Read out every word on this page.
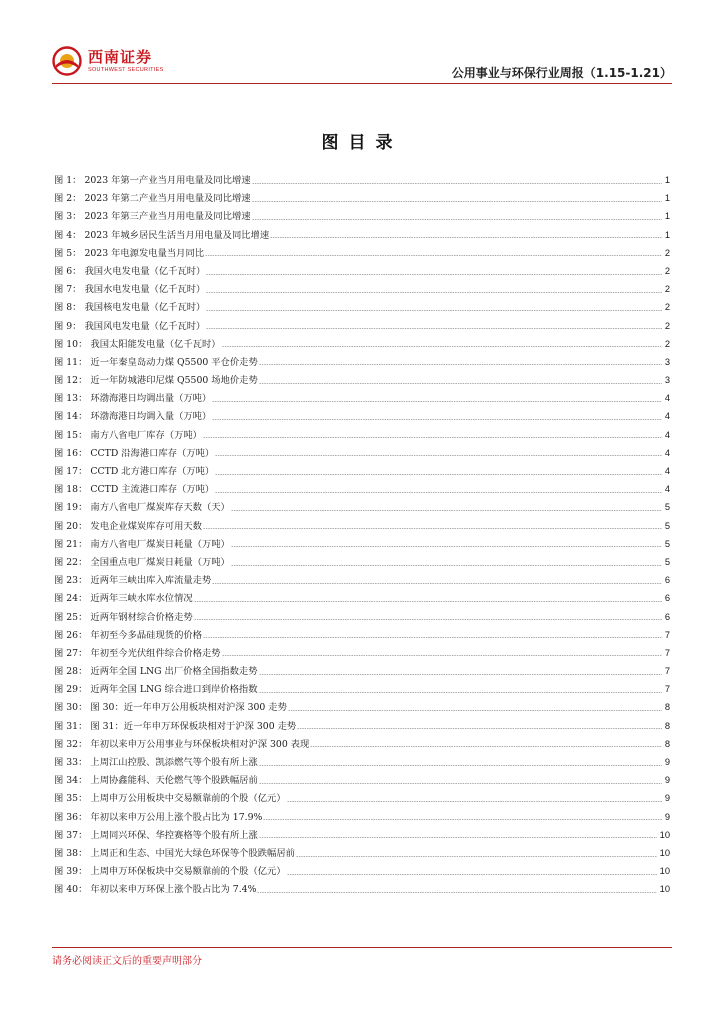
西南证券
SOUTHWEST SECURITIES	公用事业与环保行业周报（1.15-1.21）
图目录
图 1： 2023 年第一产业当月用电量及同比增速	1
图 2： 2023 年第二产业当月用电量及同比增速	1
图 3： 2023 年第三产业当月用电量及同比增速	1
图 4： 2023 年城乡居民生活当月用电量及同比增速	1
图 5： 2023 年电源发电量当月同比	2
图 6： 我国火电发电量（亿千瓦时）	2
图 7： 我国水电发电量（亿千瓦时）	2
图 8： 我国核电发电量（亿千瓦时）	2
图 9： 我国风电发电量（亿千瓦时）	2
图 10： 我国太阳能发电量（亿千瓦时）	2
图 11： 近一年秦皇岛动力煤 Q5500 平仓价走势	3
图 12： 近一年防城港印尼煤 Q5500 场地价走势	3
图 13： 环渤海港日均调出量（万吨）	4
图 14： 环渤海港日均调入量（万吨）	4
图 15： 南方八省电厂库存（万吨）	4
图 16： CCTD 沿海港口库存（万吨）	4
图 17： CCTD 北方港口库存（万吨）	4
图 18： CCTD 主流港口库存（万吨）	4
图 19： 南方八省电厂煤炭库存天数（天）	5
图 20： 发电企业煤炭库存可用天数	5
图 21： 南方八省电厂煤炭日耗量（万吨）	5
图 22： 全国重点电厂煤炭日耗量（万吨）	5
图 23： 近两年三峡出库入库流量走势	6
图 24： 近两年三峡水库水位情况	6
图 25： 近两年钢材综合价格走势	6
图 26： 年初至今多晶硅现货的价格	7
图 27： 年初至今光伏组件综合价格走势	7
图 28： 近两年全国 LNG 出厂价格全国指数走势	7
图 29： 近两年全国 LNG 综合进口到岸价格指数	7
图 30： 图 30：近一年申万公用板块相对沪深 300 走势	8
图 31： 图 31：近一年申万环保板块相对于沪深 300 走势	8
图 32： 年初以来申万公用事业与环保板块相对沪深 300 表现	8
图 33： 上周江山控股、凯添燃气等个股有所上涨	9
图 34： 上周协鑫能科、天伦燃气等个股跌幅居前	9
图 35： 上周申万公用板块中交易额靠前的个股（亿元）	9
图 36： 年初以来申万公用上涨个股占比为 17.9%	9
图 37： 上周同兴环保、华控赛格等个股有所上涨	10
图 38： 上周正和生态、中国光大绿色环保等个股跌幅居前	10
图 39： 上周申万环保板块中交易额靠前的个股（亿元）	10
图 40： 年初以来申万环保上涨个股占比为 7.4%	10
请务必阅读正文后的重要声明部分
